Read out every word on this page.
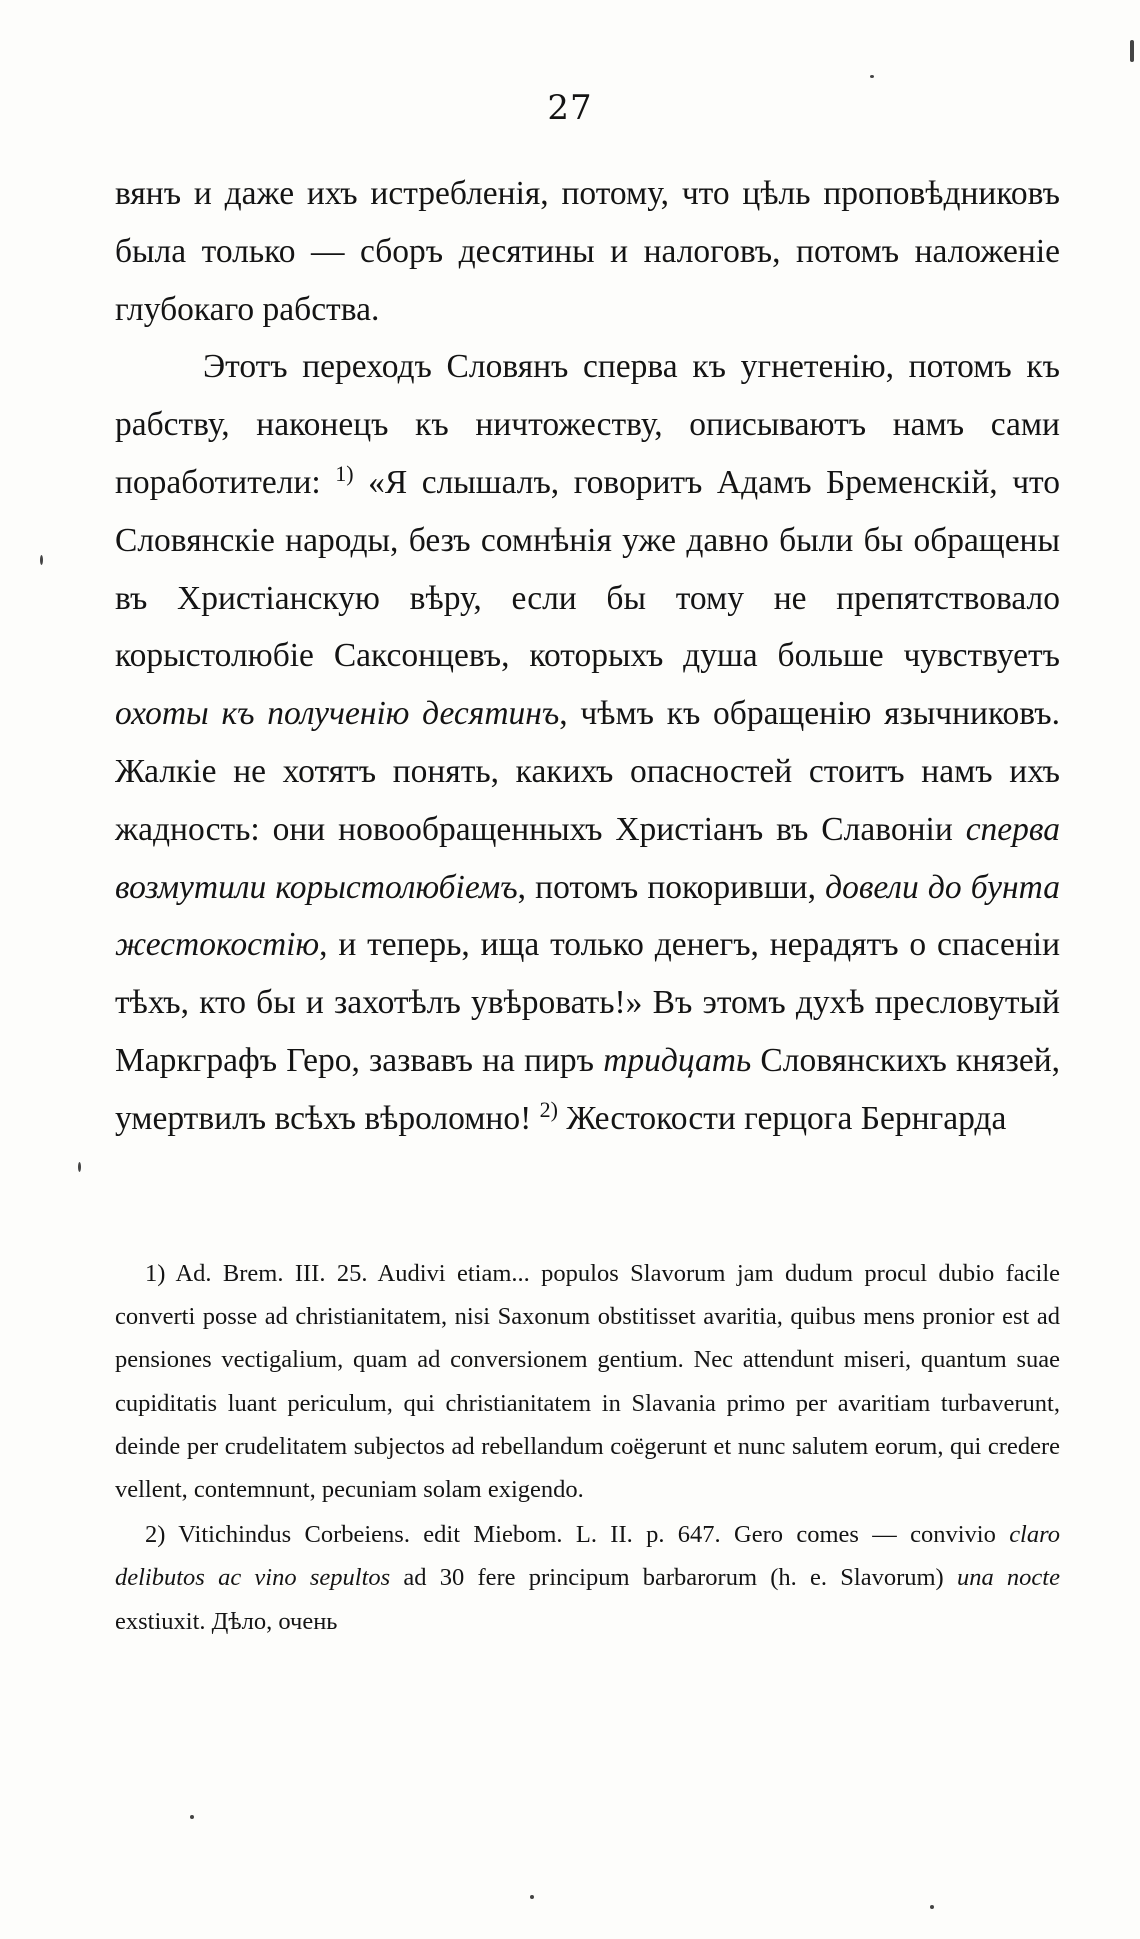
27

вянъ и даже ихъ истребленія, потому, что цѣль проповѣдниковъ была только — сборъ десятины и налоговъ, потомъ наложеніе глубокаго рабства.

Этотъ переходъ Словянъ сперва къ угнетенію, потомъ къ рабству, наконецъ къ ничтожеству, описываютъ намъ сами поработители: $^{1)}$ «Я слышалъ, говоритъ Адамъ Бременскій, что Словянскіе народы, безъ сомнѣнія уже давно были бы обращены въ Христіанскую вѣру, если бы тому не препятствовало корыстолюбіе Саксонцевъ, которыхъ душа больше чувствуетъ охоты къ полученію десятинъ, чѣмъ къ обращенію язычниковъ. Жалкіе не хотятъ понять, какихъ опасностей стоитъ намъ ихъ жадность: они новообращенныхъ Христіанъ въ Славоніи сперва возмутили корыстолюбіемъ, потомъ покоривши, довели до бунта жестокостію, и теперь, ища только денегъ, нерадятъ о спасеніи тѣхъ, кто бы и захотѣлъ увѣровать!» Въ этомъ духѣ пресловутый Маркграфъ Геро, зазвавъ на пиръ тридцать Словянскихъ князей, умертвилъ всѣхъ вѣроломно! $^{2)}$ Жестокости герцога Бернгарда

1) Ad. Brem. III. 25. Audivi etiam... populos Slavorum jam dudum procul dubio facile converti posse ad christianitatem, nisi Saxonum obstitisset avaritia, quibus mens pronior est ad pensiones vectigalium, quam ad conversionem gentium. Nec attendunt miseri, quantum suae cupiditatis luant periculum, qui christianitatem in Slavania primo per avaritiam turbaverunt, deinde per crudelitatem subjectos ad rebellandum coëgerunt et nunc salutem eorum, qui credere vellent, contemnunt, pecuniam solam exigendo.

2) Vitichindus Corbeiens. edit Miebom. L. II. p. 647. Gero comes — convivio claro delibutos ac vino sepultos ad 30 fere principum barbarorum (h. e. Slavorum) una nocte exstiuxit. Дѣло, очень
